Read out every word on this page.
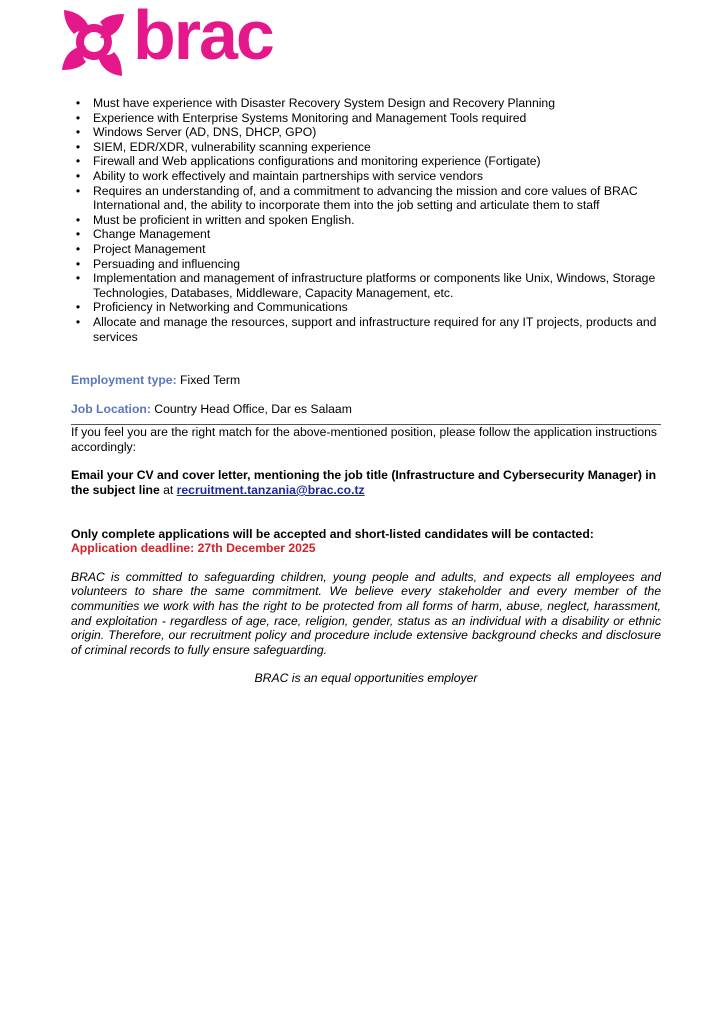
brac
• Must have experience with Disaster Recovery System Design and Recovery Planning
• Experience with Enterprise Systems Monitoring and Management Tools required
• Windows Server (AD, DNS, DHCP, GPO)
• SIEM, EDR/XDR, vulnerability scanning experience
• Firewall and Web applications configurations and monitoring experience (Fortigate)
• Ability to work effectively and maintain partnerships with service vendors
• Requires an understanding of, and a commitment to advancing the mission and core values of BRAC International and, the ability to incorporate them into the job setting and articulate them to staff
• Must be proficient in written and spoken English.
• Change Management
• Project Management
• Persuading and influencing
• Implementation and management of infrastructure platforms or components like Unix, Windows, Storage Technologies, Databases, Middleware, Capacity Management, etc.
• Proficiency in Networking and Communications
• Allocate and manage the resources, support and infrastructure required for any IT projects, products and services

Employment type: Fixed Term

Job Location: Country Head Office, Dar es Salaam

If you feel you are the right match for the above-mentioned position, please follow the application instructions accordingly:

Email your CV and cover letter, mentioning the job title (Infrastructure and Cybersecurity Manager) in the subject line at recruitment.tanzania@brac.co.tz

Only complete applications will be accepted and short-listed candidates will be contacted:

Application deadline: 27th December 2025

BRAC is committed to safeguarding children, young people and adults, and expects all employees and volunteers to share the same commitment. We believe every stakeholder and every member of the communities we work with has the right to be protected from all forms of harm, abuse, neglect, harassment, and exploitation - regardless of age, race, religion, gender, status as an individual with a disability or ethnic origin. Therefore, our recruitment policy and procedure include extensive background checks and disclosure of criminal records to fully ensure safeguarding.

BRAC is an equal opportunities employer
